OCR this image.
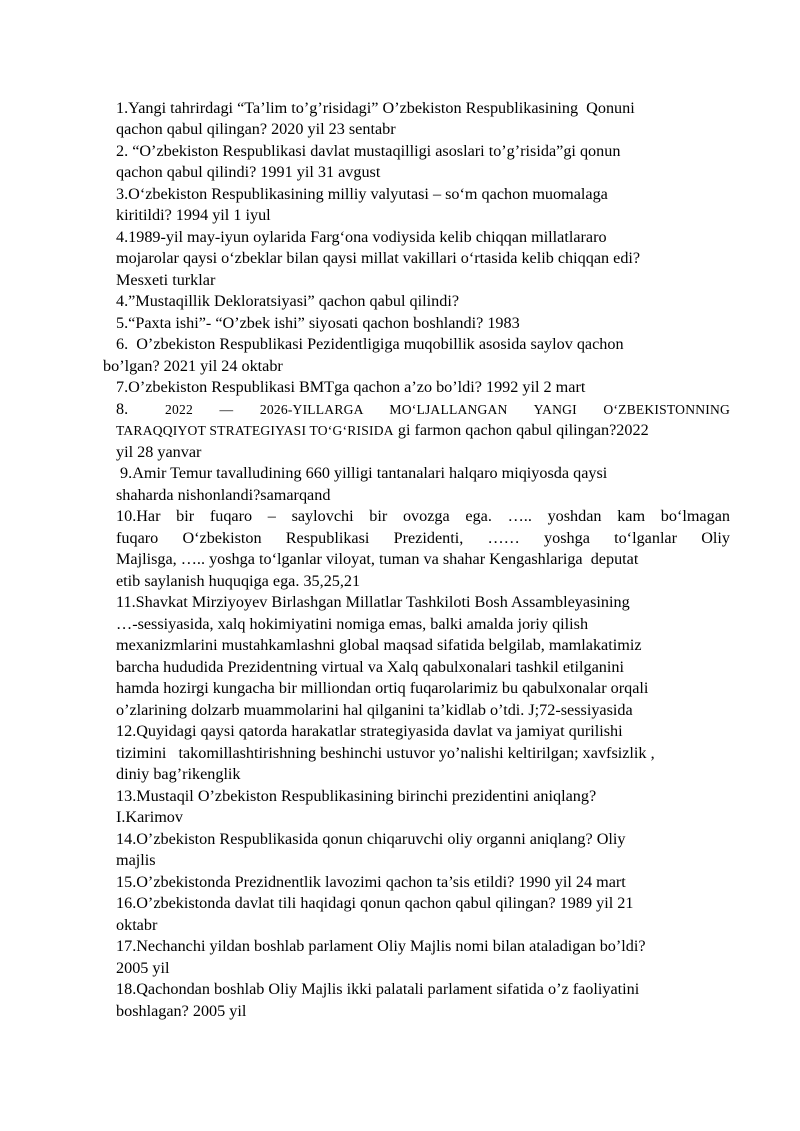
1.Yangi tahrirdagi “Ta’lim to’g’risidagi” O’zbekiston Respublikasining  Qonuni
qachon qabul qilingan? 2020 yil 23 sentabr
2. “O’zbekiston Respublikasi davlat mustaqilligi asoslari to’g’risida”gi qonun
qachon qabul qilindi? 1991 yil 31 avgust
3.O‘zbekiston Respublikasining milliy valyutasi – so‘m qachon muomalaga
kiritildi? 1994 yil 1 iyul
4.1989-yil may-iyun oylarida Farg‘ona vodiysida kelib chiqqan millatlararo
mojarolar qaysi o‘zbeklar bilan qaysi millat vakillari o‘rtasida kelib chiqqan edi?
Mesxeti turklar
4.”Mustaqillik Dekloratsiyasi” qachon qabul qilindi?
5.“Paxta ishi”- “O’zbek ishi” siyosati qachon boshlandi? 1983
6.  O’zbekiston Respublikasi Pezidentligiga muqobillik asosida saylov qachon
bo’lgan? 2021 yil 24 oktabr
7.O’zbekiston Respublikasi BMTga qachon a’zo bo’ldi? 1992 yil 2 mart
8.	2022 — 2026-YILLARGA MO‘LJALLANGAN YANGI O‘ZBEKISTONNING
TARAQQIYOT STRATEGIYASI TO‘G‘RISIDA gi farmon qachon qabul qilingan?2022
yil 28 yanvar
9.Amir Temur tavalludining 660 yilligi tantanalari halqaro miqiyosda qaysi
shaharda nishonlandi?samarqand
10.Har bir fuqaro – saylovchi bir ovozga ega. ….. yoshdan kam bo‘lmagan
fuqaro O‘zbekiston Respublikasi Prezidenti, …… yoshga to‘lganlar Oliy
Majlisga, ….. yoshga to‘lganlar viloyat, tuman va shahar Kengashlariga  deputat
etib saylanish huquqiga ega. 35,25,21
11.Shavkat Mirziyoyev Birlashgan Millatlar Tashkiloti Bosh Assambleyasining
…-sessiyasida, xalq hokimiyatini nomiga emas, balki amalda joriy qilish
mexanizmlarini mustahkamlashni global maqsad sifatida belgilab, mamlakatimiz
barcha hududida Prezidentning virtual va Xalq qabulxonalari tashkil etilganini
hamda hozirgi kungacha bir milliondan ortiq fuqarolarimiz bu qabulxonalar orqali
o’zlarining dolzarb muammolarini hal qilganini ta’kidlab o’tdi. J;72-sessiyasida
12.Quyidagi qaysi qatorda harakatlar strategiyasida davlat va jamiyat qurilishi
tizimini   takomillashtirishning beshinchi ustuvor yo’nalishi keltirilgan; xavfsizlik ,
diniy bag’rikenglik
13.Mustaqil O’zbekiston Respublikasining birinchi prezidentini aniqlang?
I.Karimov
14.O’zbekiston Respublikasida qonun chiqaruvchi oliy organni aniqlang? Oliy
majlis
15.O’zbekistonda Prezidnentlik lavozimi qachon ta’sis etildi? 1990 yil 24 mart
16.O’zbekistonda davlat tili haqidagi qonun qachon qabul qilingan? 1989 yil 21
oktabr
17.Nechanchi yildan boshlab parlament Oliy Majlis nomi bilan ataladigan bo’ldi?
2005 yil
18.Qachondan boshlab Oliy Majlis ikki palatali parlament sifatida o’z faoliyatini
boshlagan? 2005 yil
